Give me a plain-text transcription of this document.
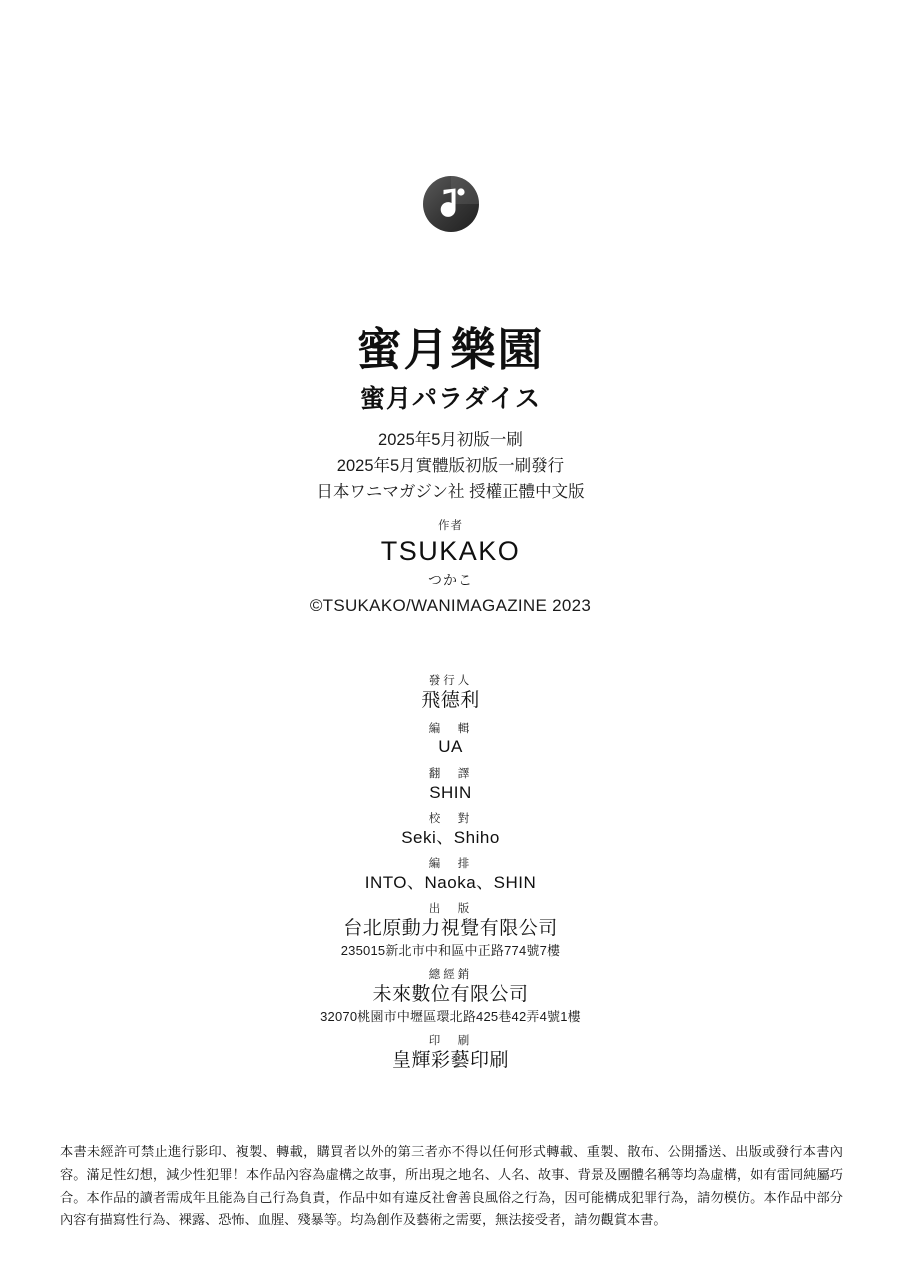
蜜月樂園
蜜月パラダイス
2025年5月初版一刷
2025年5月實體版初版一刷發行
日本ワニマガジン社 授權正體中文版
作者
TSUKAKO
つかこ
©TSUKAKO/WANIMAGAZINE 2023
發行人
飛德利
編　輯
UA
翻　譯
SHIN
校　對
Seki、Shiho
編　排
INTO、Naoka、SHIN
出　版
台北原動力視覺有限公司
235015新北市中和區中正路774號7樓
總經銷
未來數位有限公司
32070桃園市中壢區環北路425巷42弄4號1樓
印　刷
皇輝彩藝印刷

本書未經許可禁止進行影印、複製、轉載，購買者以外的第三者亦不得以任何形式轉載、重製、散布、公開播送、出版或發行本書內容。滿足性幻想，減少性犯罪！本作品內容為虛構之故事，所出現之地名、人名、故事、背景及團體名稱等均為虛構，如有雷同純屬巧合。本作品的讀者需成年且能為自己行為負責，作品中如有違反社會善良風俗之行為，因可能構成犯罪行為，請勿模仿。本作品中部分內容有描寫性行為、裸露、恐怖、血腥、殘暴等。均為創作及藝術之需要，無法接受者，請勿觀賞本書。
